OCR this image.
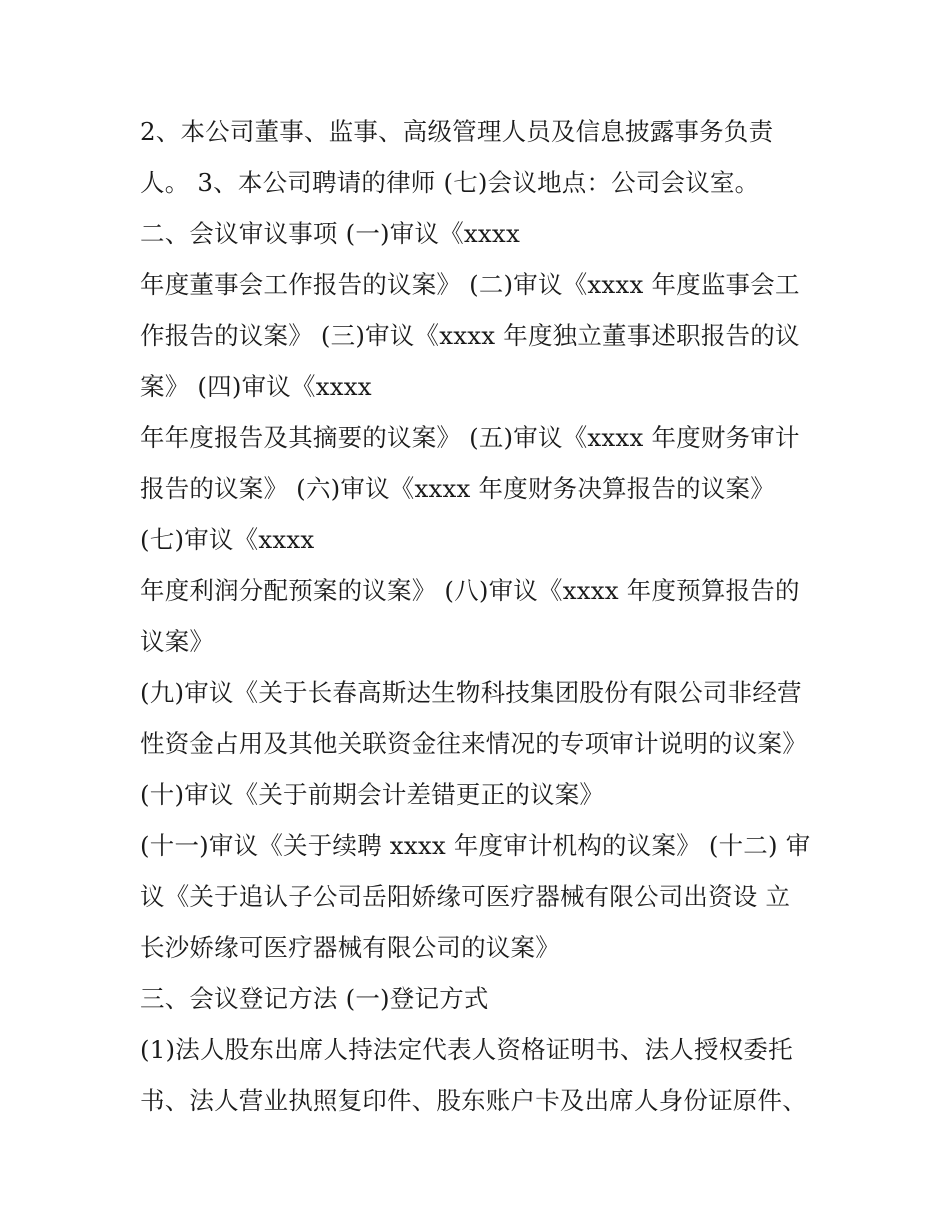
2、本公司董事、监事、高级管理人员及信息披露事务负责
人。 3、本公司聘请的律师 (七)会议地点：公司会议室。
二、会议审议事项 (一)审议《xxxx
年度董事会工作报告的议案》 (二)审议《xxxx 年度监事会工
作报告的议案》 (三)审议《xxxx 年度独立董事述职报告的议
案》 (四)审议《xxxx
年年度报告及其摘要的议案》 (五)审议《xxxx 年度财务审计
报告的议案》 (六)审议《xxxx 年度财务决算报告的议案》
(七)审议《xxxx
年度利润分配预案的议案》 (八)审议《xxxx 年度预算报告的
议案》
(九)审议《关于长春高斯达生物科技集团股份有限公司非经营
性资金占用及其他关联资金往来情况的专项审计说明的议案》
(十)审议《关于前期会计差错更正的议案》
(十一)审议《关于续聘 xxxx 年度审计机构的议案》 (十二) 审
议《关于追认子公司岳阳娇缘可医疗器械有限公司出资设 立
长沙娇缘可医疗器械有限公司的议案》
三、会议登记方法 (一)登记方式
(1)法人股东出席人持法定代表人资格证明书、法人授权委托
书、法人营业执照复印件、股东账户卡及出席人身份证原件、
